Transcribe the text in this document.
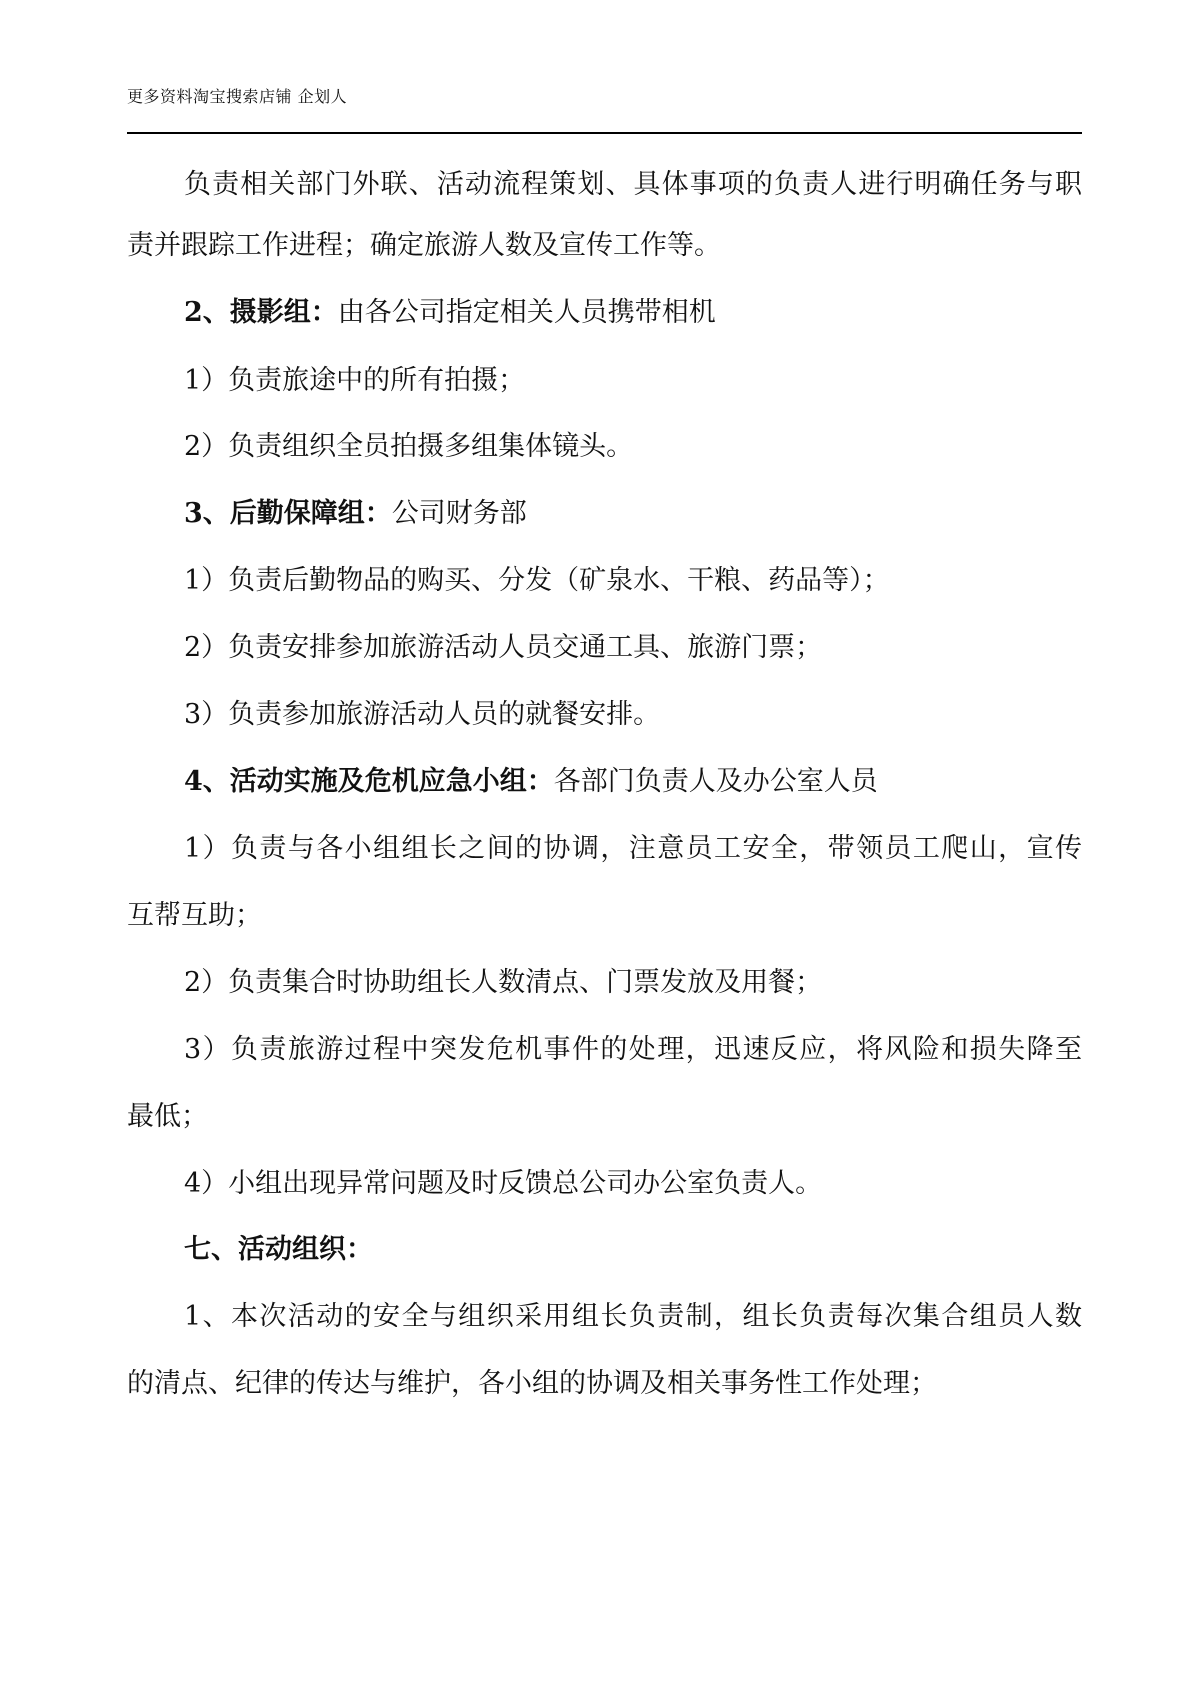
更多资料淘宝搜索店铺 企划人
负责相关部门外联、活动流程策划、具体事项的负责人进行明确任务与职
责并跟踪工作进程；确定旅游人数及宣传工作等。
2、摄影组：由各公司指定相关人员携带相机
1）负责旅途中的所有拍摄；
2）负责组织全员拍摄多组集体镜头。
3、后勤保障组：公司财务部
1）负责后勤物品的购买、分发（矿泉水、干粮、药品等）；
2）负责安排参加旅游活动人员交通工具、旅游门票；
3）负责参加旅游活动人员的就餐安排。
4、活动实施及危机应急小组：各部门负责人及办公室人员
1）负责与各小组组长之间的协调，注意员工安全，带领员工爬山，宣传
互帮互助；
2）负责集合时协助组长人数清点、门票发放及用餐；
3）负责旅游过程中突发危机事件的处理，迅速反应，将风险和损失降至
最低；
4）小组出现异常问题及时反馈总公司办公室负责人。
七、活动组织：
1、本次活动的安全与组织采用组长负责制，组长负责每次集合组员人数
的清点、纪律的传达与维护，各小组的协调及相关事务性工作处理；
